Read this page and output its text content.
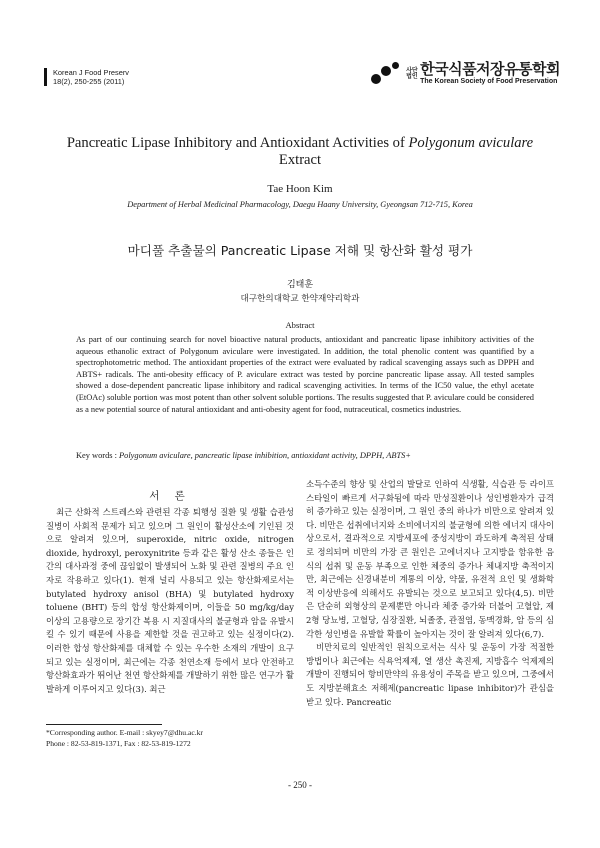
Korean J Food Preserv
18(2), 250-255 (2011)
사단법인 한국식품저장유통학회
The Korean Society of Food Preservation
Pancreatic Lipase Inhibitory and Antioxidant Activities of Polygonum aviculare Extract
Tae Hoon Kim
Department of Herbal Medicinal Pharmacology, Daegu Haany University, Gyeongsan 712-715, Korea
마디풀 추출물의 Pancreatic Lipase 저해 및 항산화 활성 평가
김태훈
대구한의대학교 한약재약리학과
Abstract

As part of our continuing search for novel bioactive natural products, antioxidant and pancreatic lipase inhibitory activities of the aqueous ethanolic extract of Polygonum aviculare were investigated. In addition, the total phenolic content was quantified by a spectrophotometric method. The antioxidant properties of the extract were evaluated by radical scavenging assays such as DPPH and ABTS+ radicals. The anti-obesity efficacy of P. aviculare extract was tested by porcine pancreatic lipase assay. All tested samples showed a dose-dependent pancreatic lipase inhibitory and radical scavenging activities. In terms of the IC50 value, the ethyl acetate (EtOAc) soluble portion was most potent than other solvent soluble portions. The results suggested that P. aviculare could be considered as a new potential source of natural antioxidant and anti-obesity agent for food, nutraceutical, cosmetics industries.

Key words : Polygonum aviculare, pancreatic lipase inhibition, antioxidant activity, DPPH, ABTS+
서 론

최근 산화적 스트레스와 관련된 각종 퇴행성 질환 및 생활 습관성 질병이 사회적 문제가 되고 있으며 그 원인이 활성산소에 기인된 것으로 알려져 있으며, superoxide, nitric oxide, nitrogen dioxide, hydroxyl, peroxynitrite 등과 같은 활성 산소 종들은 인간의 대사과정 중에 끊임없이 발생되어 노화 및 관련 질병의 주요 인자로 작용하고 있다(1). 현재 널리 사용되고 있는 항산화제로서는 butylated hydroxy anisol (BHA) 및 butylated hydroxy toluene (BHT) 등의 합성 항산화제이며, 이들을 50 mg/kg/day 이상의 고용량으로 장기간 복용 시 지질대사의 불균형과 암을 유발시킬 수 있기 때문에 사용을 제한할 것을 권고하고 있는 실정이다(2). 이러한 합성 항산화제를 대체할 수 있는 우수한 소재의 개발이 요구되고 있는 실정이며, 최근에는 각종 천연소재 등에서 보다 안전하고 항산화효과가 뛰어난 천연 항산화제를 개발하기 위한 많은 연구가 활발하게 이루어지고 있다(3). 최근

소득수준의 향상 및 산업의 발달로 인하여 식생활, 식습관 등 라이프스타일이 빠르게 서구화됨에 따라 만성질환이나 성인병환자가 급격히 증가하고 있는 실정이며, 그 원인 중의 하나가 비만으로 알려져 있다. 비만은 섭취에너지와 소비에너지의 불균형에 의한 에너지 대사이상으로서, 결과적으로 지방세포에 중성지방이 과도하게 축적된 상태로 정의되며 비만의 가장 큰 원인은 고에너지나 고지방을 함유한 음식의 섭취 및 운동 부족으로 인한 체중의 증가나 체내지방 축적이지만, 최근에는 신경내분비 계통의 이상, 약물, 유전적 요인 및 생화학적 이상반응에 의해서도 유발되는 것으로 보고되고 있다(4,5). 비만은 단순히 외형상의 문제뿐만 아니라 체중 증가와 더불어 고혈압, 제 2형 당뇨병, 고혈당, 심장질환, 뇌졸중, 관절염, 동맥경화, 암 등의 심각한 성인병을 유발할 확률이 높아지는 것이 잘 알려져 있다(6,7).

비만치료의 일반적인 원칙으로서는 식사 및 운동이 가장 적절한 방법이나 최근에는 식욕억제제, 열 생산 촉진제, 지방흡수 억제제의 개발이 진행되어 항비만약의 유용성이 주목을 받고 있으며, 그중에서도 지방분해효소 저해제(pancreatic lipase inhibitor)가 관심을 받고 있다. Pancreatic

*Corresponding author. E-mail : skyey7@dhu.ac.kr
Phone : 82-53-819-1371, Fax : 82-53-819-1272
- 250 -
